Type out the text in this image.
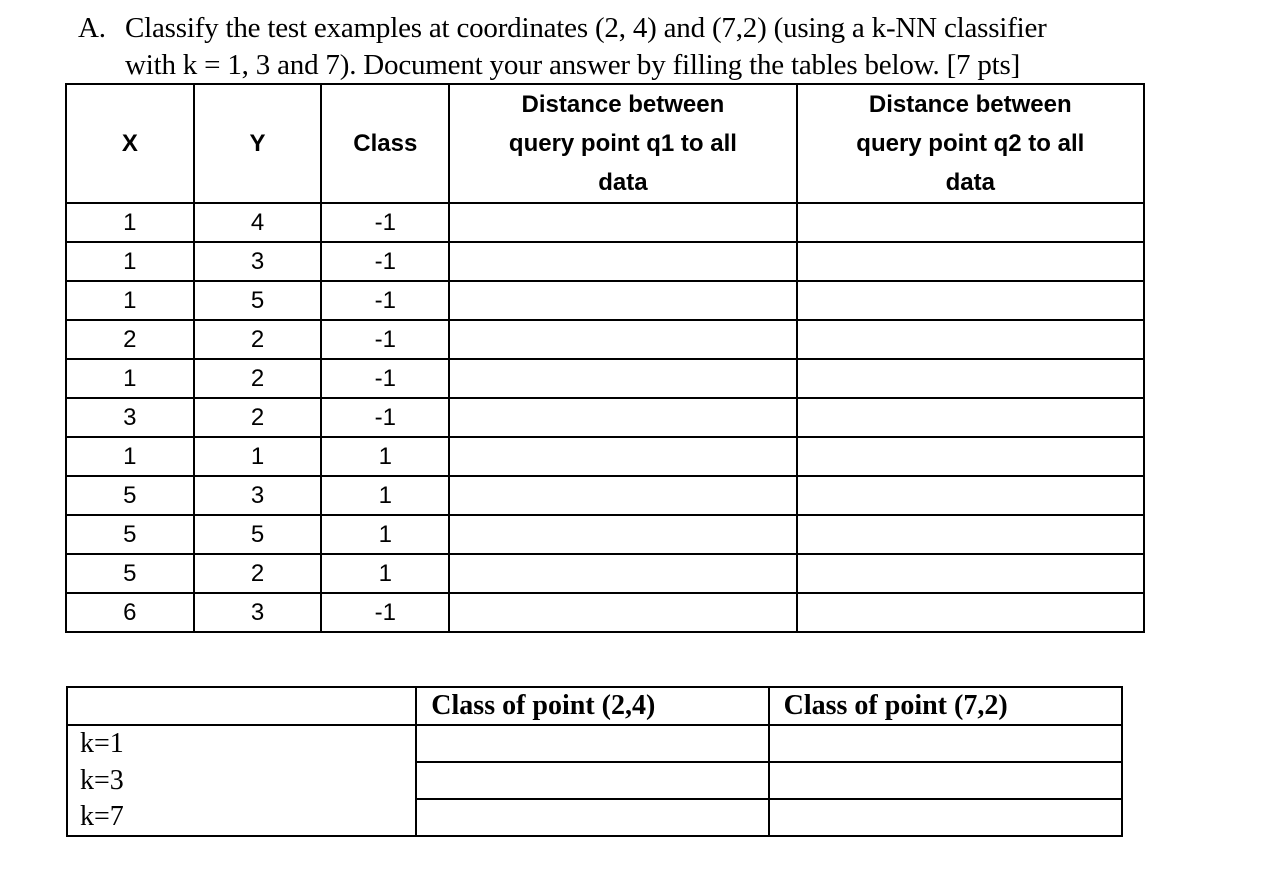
A. Classify the test examples at coordinates (2, 4) and (7,2) (using a k-NN classifier
with k = 1, 3 and 7). Document your answer by filling the tables below. [7 pts]
X	Y	Class	Distance between
query point q1 to all
data	Distance between
query point q2 to all
data

1	4	-1		
1	3	-1		
1	5	-1		
2	2	-1		
1	2	-1		
3	2	-1		
1	1	1		
5	3	1		
5	5	1		
5	2	1		
6	3	-1		
	Class of point (2,4)	Class of point (7,2)
k=1		
k=3		
k=7		
